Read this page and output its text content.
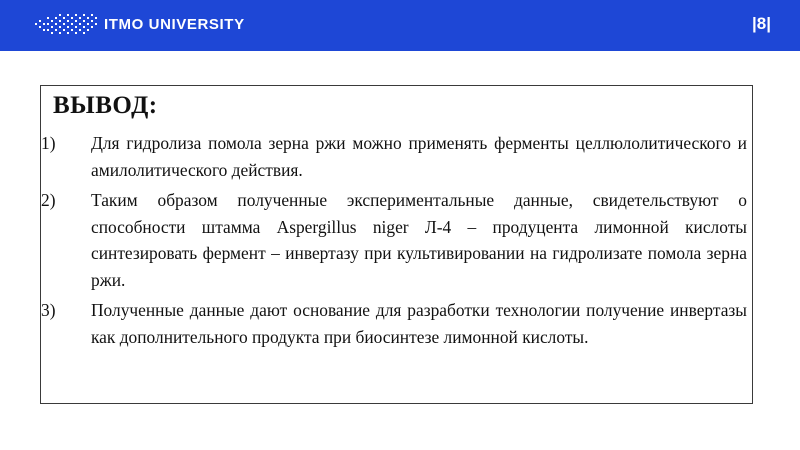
ITMO UNIVERSITY	|8|
ВЫВОД:
1) Для гидролиза помола зерна ржи можно применять ферменты целлюлолитического и амилолитического действия.
2) Таким образом полученные экспериментальные данные, свидетельствуют о способности штамма Aspergillus niger Л-4 – продуцента лимонной кислоты синтезировать фермент – инвертазу при культивировании на гидролизате помола зерна ржи.
3) Полученные данные дают основание для разработки технологии получение инвертазы как дополнительного продукта при биосинтезе лимонной кислоты.
